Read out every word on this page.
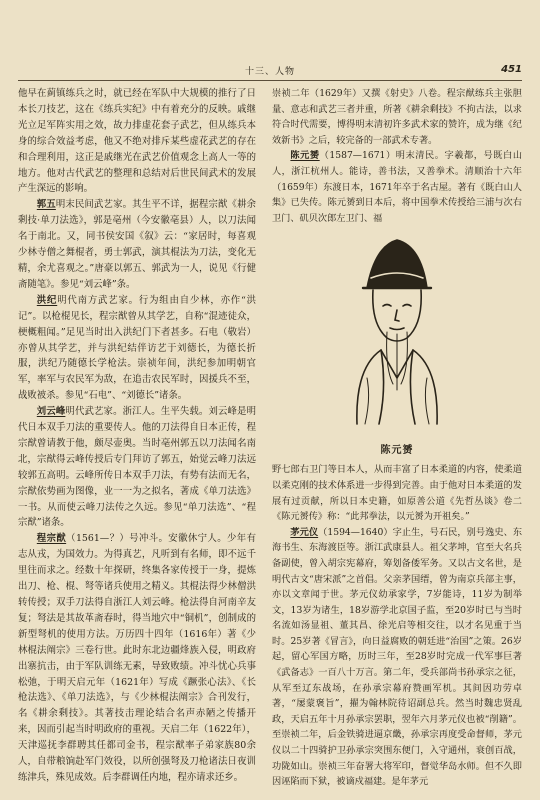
十三、人物	451

他早在蓟镇练兵之时，就已经在军队中大规模的推行了日本长刀技艺，这在《练兵实纪》中有着充分的反映。戚继光立足军阵实用之效，故力排虚花套子武艺，但从练兵本身的综合效益考虑，他又不绝对排斥某些虚花武艺的存在和合理利用，这正是戚继光在武艺价值观念上高人一等的地方。他对古代武艺的整理和总结对后世民间武术的发展产生深远的影响。

郭五明末民间武艺家。其生平不详，据程宗猷《耕余剩技·单刀法选》，郭是亳州（今安徽亳县）人，以刀法闻名于南北。又，同书侯安国《叙》云：“家居时，每喜观少林寺僧之舞棍者，勇士郭武，演其棍法为刀法，变化无精，余尤喜观之。”唐豪以郭五、郭武为一人，说见《行健斋随笔》。参见“刘云峰”条。

洪纪明代南方武艺家。行为组由自少林，亦作“洪记”。以枪棍见长，程宗猷曾从其学艺，自称“混迹徒众，梗概粗闻。”足见当时出入洪纪门下者甚多。石电（敬岩）亦曾从其学艺，并与洪纪结伴访艺于刘德长，为德长折服，洪纪乃随德长学枪法。崇祯年间，洪纪参加明朝官军，率军与农民军为敌，在追击农民军时，因援兵不至，战败被杀。参见“石电”、“刘德长”诸条。

刘云峰明代武艺家。浙江人。生平失载。刘云峰是明代日本双手刀法的重要传人。他的刀法得自日本正传，程宗猷曾请教于他，颇尽壶奥。当时亳州郭五以刀法闻名南北，宗猷得云峰传授后专门拜访了郭五，始觉云峰刀法远较郭五高明。云峰所传日本双手刀法，有势有法而无名，宗猷依势画为图像，业一一为之拟名，著成《单刀法选》一书。从而使云峰刀法传之久远。参见“单刀法选”、“程宗猷”诸条。

程宗猷（1561—？）号冲斗。安徽休宁人。少年有志从戎，为国效力。为得真艺，凡听到有名师，即不远千里往而求之。经数十年探研，终集各家传授于一身，提炼出刀、枪、棍、弩等诸兵使用之精义。其棍法得少林僧洪转传授；双手刀法得自浙江人刘云峰。枪法得自河南辛友复；弩法是其故革斋春时，得当地穴中“铜机”，创制成的新型弩机的使用方法。万历四十四年（1616年）著《少林棍法阐宗》三卷行世。此时东北边疆烽族入侵，明政府出寨抗击，由于军队训练无素，导致败绩。冲斗忧心兵事松弛，于明天启元年（1621年）写成《蹶张心法》、《长枪法选》、《单刀法选》，与《少林棍法阐宗》合刊发行，名《耕余剩技》。其著技击理论结合名声赤陋之传播开来，因而引起当时明政府的重视。天启二年（1622年），天津巡抚李群聘其任都司金书，程宗猷率子弟家族80余人，自带粮饷赴军门效役，以所创强弩及刀枪诸法日夜训练津兵，殊见成效。后李群调任内地，程亦请求还乡。

崇祯二年（1629年）又撰《射史》八卷。程宗猷练兵主张胆量、意志和武艺三者并重，所著《耕余剩技》不拘古法，以求符合时代需要，博得明末清初许多武术家的赞许，成为继《纪效新书》之后，较完备的一部武术专著。

陈元赟（1587—1671）明末清民。字羲都，号既白山人，浙江杭州人。能诗，善书法，又善拳术。清顺治十六年（1659年）东渡日本，1671年卒于名古屋。著有《既白山人集》已失传。陈元赟到日本后，将中国拳术传授给三浦与次右卫门、矶贝次郎左卫门、福

陈元赟

野七郎右卫门等日本人，从而丰富了日本柔道的内容，使柔道以柔克刚的技术体系进一步得到完善。由于他对日本柔道的发展有过贡献，所以日本史籍，如原善公道《先哲丛谈》卷二《陈元赟传》称：“此邦拳法，以元赟为开祖矣。”

茅元仪（1594—1640）字止生，号石民，别号逸史、东海书生、东海渡臣等。浙江武康县人。祖父茅坤，官至大名兵备副使，曾入胡宗宪幕府，筹划备倭军务。又以古文名世，是明代古文“唐宋派”之首倡。父亲茅国缙，曾为南京兵部主事，亦以文章闻于世。茅元仪幼承家学，7岁能诗，11岁为制举文，13岁为诸生，18岁游学北京国子监，至20岁时已与当时名流如汤显祖、董其昌、徐光启等相交往，以才名见重于当时。25岁著《冒言》，向日益腐败的朝廷进“治国”之策。26岁起，留心军国方略，历时三年，至28岁时完成一代军事巨著《武备志》一百八十万言。第二年，受兵部尚书孙承宗之征，从军至辽东战场，在孙承宗幕府赞画军机。其间因功劳卓著，“屡蒙褒旨”，擢为翰林院待诏副总兵。然当时魏忠贤乱政，天启五年十月孙承宗罢职，翌年六月茅元仪也被“削籍”。至崇祯二年，后金铁骑进逼京畿，孙承宗再度受命督师，茅元仪以二十四骑护卫孙承宗突围东便门，入守通州，衰创百战，功陇如山。崇祯三年奋署大将军印，督觉华岛水师。但不久即因诬陷而下狱，被谪戍福建。是年茅元
